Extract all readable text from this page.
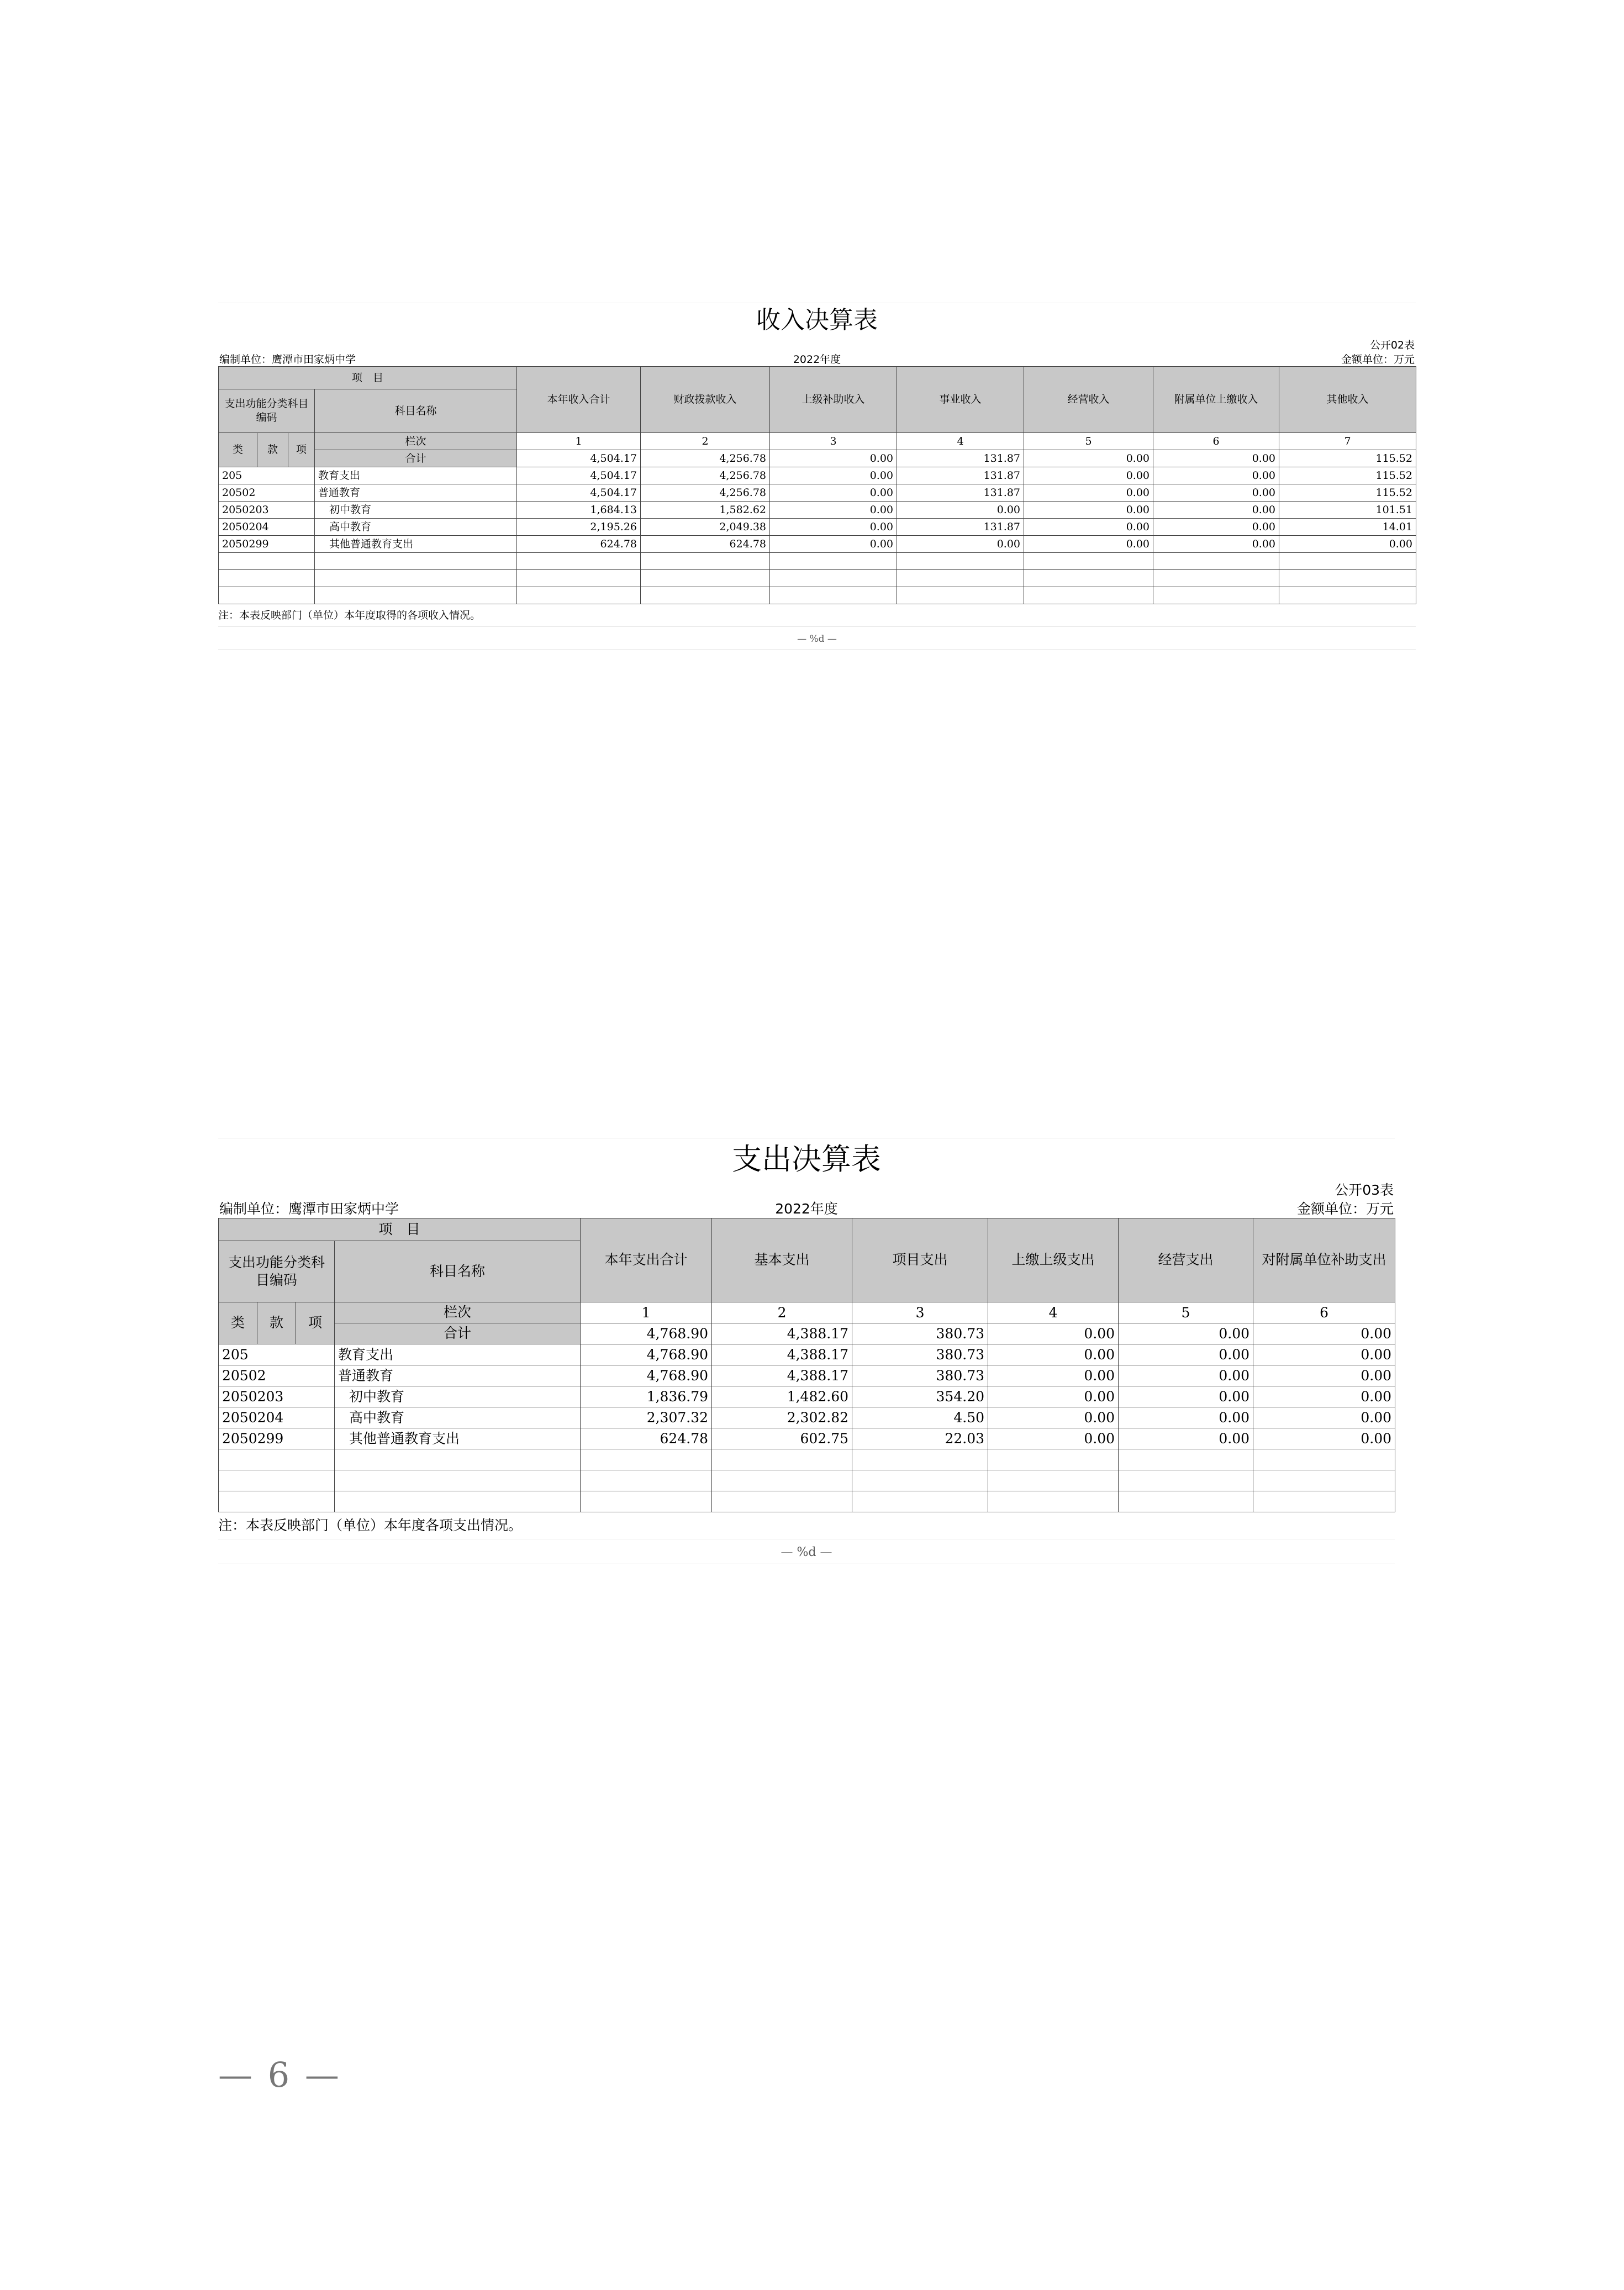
收入决算表
公开02表
编制单位：鹰潭市田家炳中学	2022年度	金额单位：万元
项　目				本年收入合计	财政拨款收入	上级补助收入	事业收入	经营收入	附属单位上缴收入	其他收入
支出功能分类科目编码			科目名称							
类	款	项	栏次	1	2	3	4	5	6	7
			合计	4,504.17	4,256.78	0.00	131.87	0.00	0.00	115.52
205			教育支出	4,504.17	4,256.78	0.00	131.87	0.00	0.00	115.52
20502			普通教育	4,504.17	4,256.78	0.00	131.87	0.00	0.00	115.52
2050203			初中教育	1,684.13	1,582.62	0.00	0.00	0.00	0.00	101.51
2050204			高中教育	2,195.26	2,049.38	0.00	131.87	0.00	0.00	14.01
2050299			其他普通教育支出	624.78	624.78	0.00	0.00	0.00	0.00	0.00

注：本表反映部门（单位）本年度取得的各项收入情况。
— %d —
支出决算表
公开03表
编制单位：鹰潭市田家炳中学	2022年度	金额单位：万元
项　目				本年支出合计	基本支出	项目支出	上缴上级支出	经营支出	对附属单位补助支出
支出功能分类科目编码			科目名称						
类	款	项	栏次	1	2	3	4	5	6
			合计	4,768.90	4,388.17	380.73	0.00	0.00	0.00
205			教育支出	4,768.90	4,388.17	380.73	0.00	0.00	0.00
20502			普通教育	4,768.90	4,388.17	380.73	0.00	0.00	0.00
2050203			初中教育	1,836.79	1,482.60	354.20	0.00	0.00	0.00
2050204			高中教育	2,307.32	2,302.82	4.50	0.00	0.00	0.00
2050299			其他普通教育支出	624.78	602.75	22.03	0.00	0.00	0.00

注：本表反映部门（单位）本年度各项支出情况。
— %d —
— 6 —
